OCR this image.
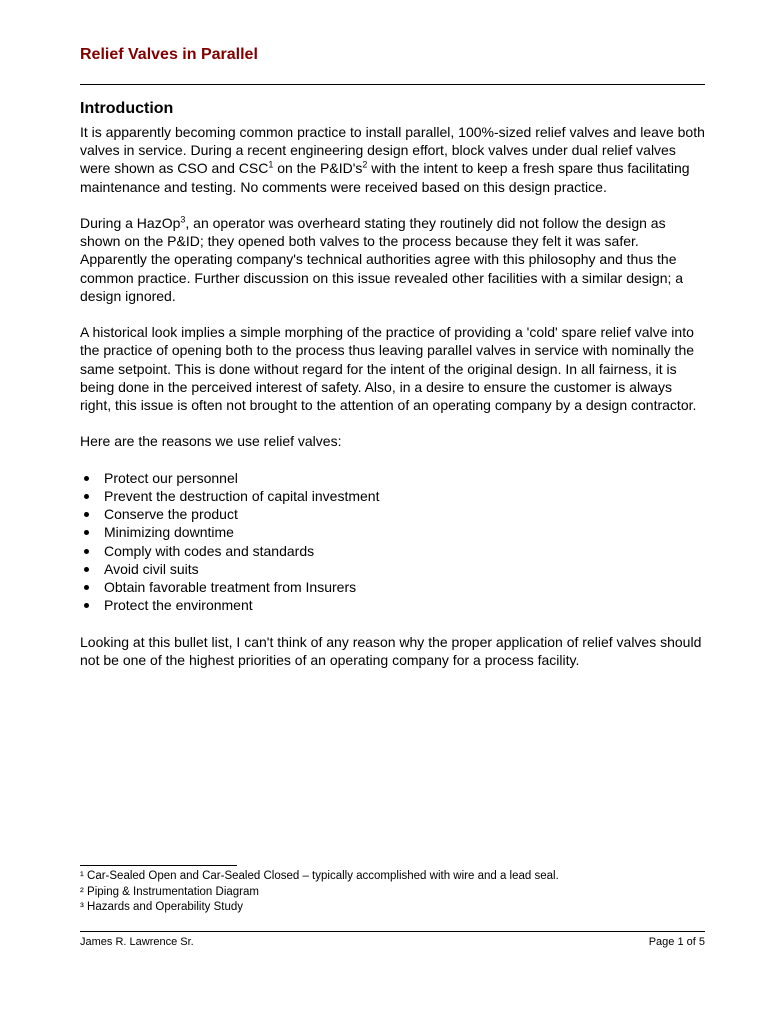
Relief Valves in Parallel
Introduction

It is apparently becoming common practice to install parallel, 100%-sized relief valves and leave both valves in service. During a recent engineering design effort, block valves under dual relief valves were shown as CSO and CSC$^1$ on the $P\&ID's^2$ with the intent to keep a fresh spare thus facilitating maintenance and testing. No comments were received based on this design practice.

During a HazOp$^3$, an operator was overheard stating they routinely did not follow the design as shown on the P&ID; they opened both valves to the process because they felt it was safer. Apparently the operating company's technical authorities agree with this philosophy and thus the common practice. Further discussion on this issue revealed other facilities with a similar design; a design ignored.

A historical look implies a simple morphing of the practice of providing a 'cold' spare relief valve into the practice of opening both to the process thus leaving parallel valves in service with nominally the same setpoint. This is done without regard for the intent of the original design. In all fairness, it is being done in the perceived interest of safety. Also, in a desire to ensure the customer is always right, this issue is often not brought to the attention of an operating company by a design contractor.

Here are the reasons we use relief valves:

Protect our personnel
Prevent the destruction of capital investment
Conserve the product
Minimizing downtime
Comply with codes and standards
Avoid civil suits
Obtain favorable treatment from Insurers
Protect the environment

Looking at this bullet list, I can't think of any reason why the proper application of relief valves should not be one of the highest priorities of an operating company for a process facility.

¹ Car-Sealed Open and Car-Sealed Closed – typically accomplished with wire and a lead seal.
² Piping & Instrumentation Diagram
³ Hazards and Operability Study
James R. Lawrence Sr.	Page 1 of 5
